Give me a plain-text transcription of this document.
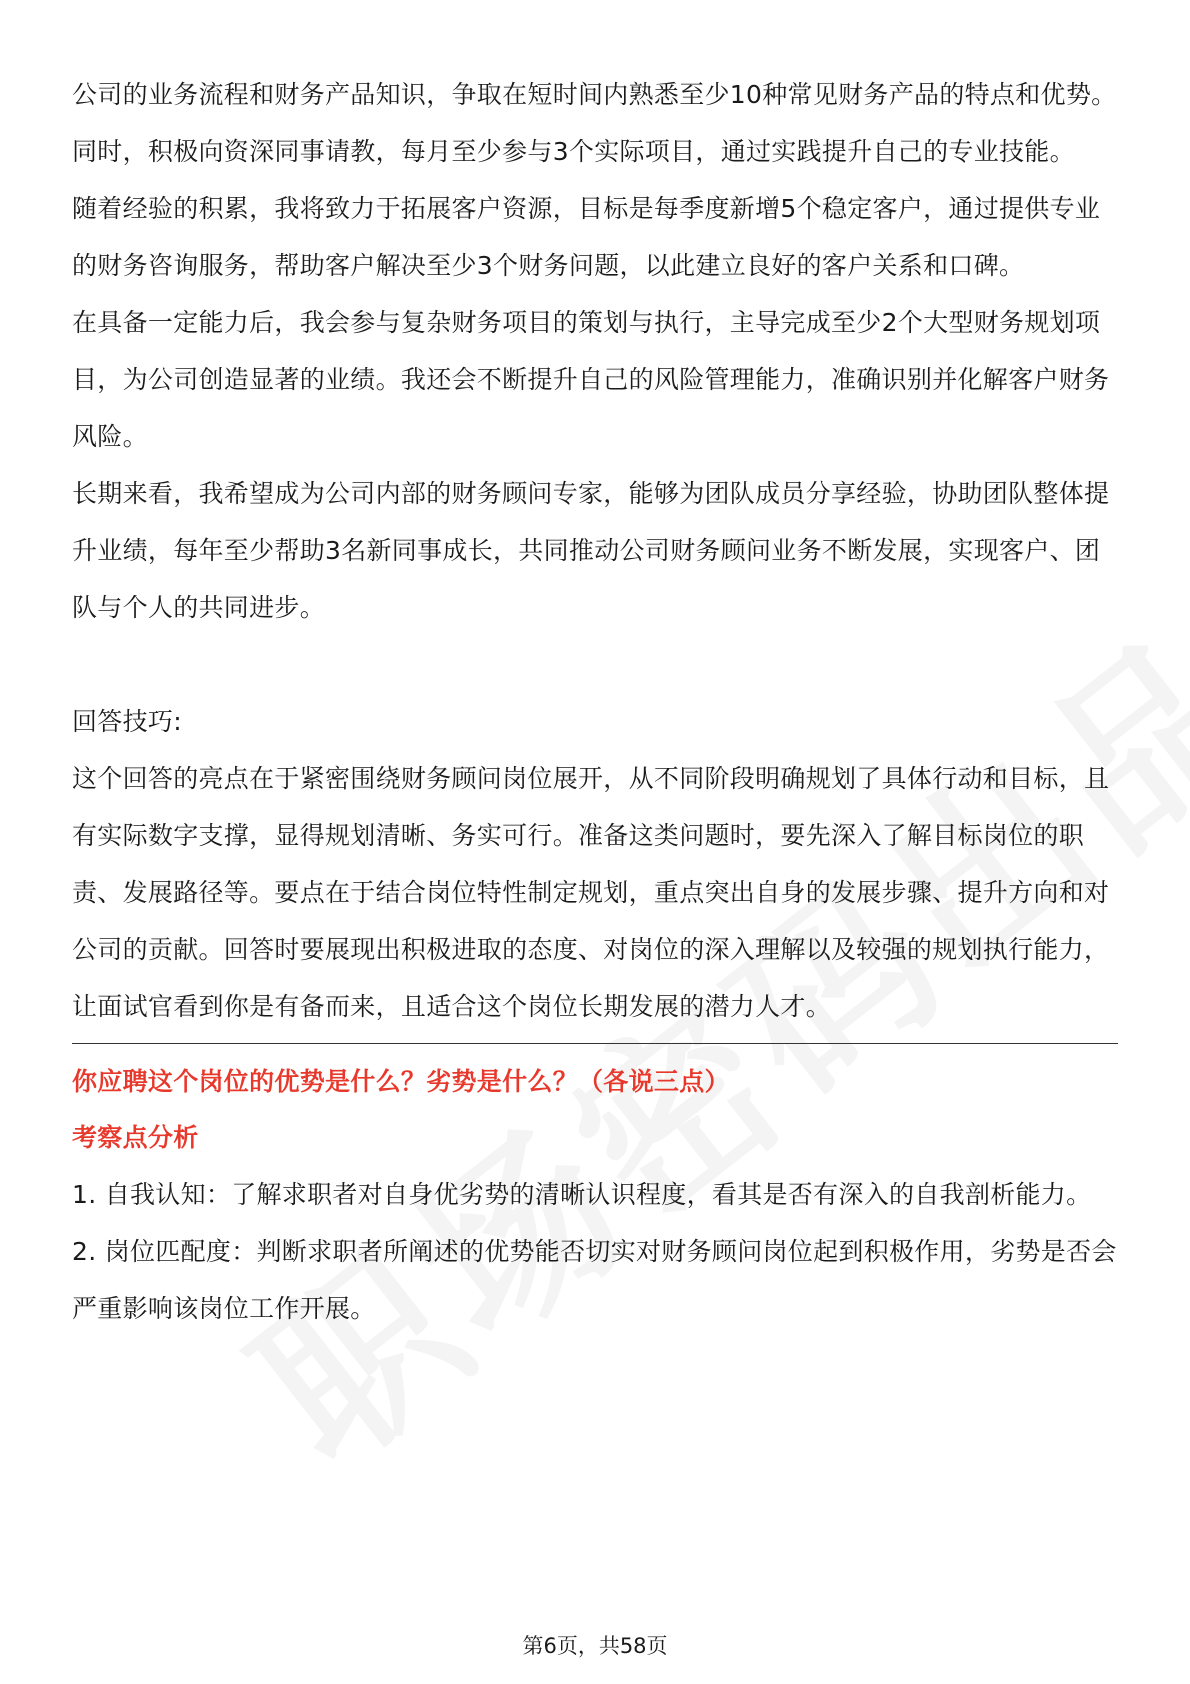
公司的业务流程和财务产品知识，争取在短时间内熟悉至少10种常见财务产品的特点和优势。同时，积极向资深同事请教，每月至少参与3个实际项目，通过实践提升自己的专业技能。

随着经验的积累，我将致力于拓展客户资源，目标是每季度新增5个稳定客户，通过提供专业的财务咨询服务，帮助客户解决至少3个财务问题，以此建立良好的客户关系和口碑。

在具备一定能力后，我会参与复杂财务项目的策划与执行，主导完成至少2个大型财务规划项目，为公司创造显著的业绩。我还会不断提升自己的风险管理能力，准确识别并化解客户财务风险。

长期来看，我希望成为公司内部的财务顾问专家，能够为团队成员分享经验，协助团队整体提升业绩，每年至少帮助3名新同事成长，共同推动公司财务顾问业务不断发展，实现客户、团队与个人的共同进步。

回答技巧:

这个回答的亮点在于紧密围绕财务顾问岗位展开，从不同阶段明确规划了具体行动和目标，且有实际数字支撑，显得规划清晰、务实可行。准备这类问题时，要先深入了解目标岗位的职责、发展路径等。要点在于结合岗位特性制定规划，重点突出自身的发展步骤、提升方向和对公司的贡献。回答时要展现出积极进取的态度、对岗位的深入理解以及较强的规划执行能力，让面试官看到你是有备而来，且适合这个岗位长期发展的潜力人才。

你应聘这个岗位的优势是什么？劣势是什么？（各说三点）

考察点分析

1. 自我认知：了解求职者对自身优劣势的清晰认识程度，看其是否有深入的自我剖析能力。

2. 岗位匹配度：判断求职者所阐述的优势能否切实对财务顾问岗位起到积极作用，劣势是否会严重影响该岗位工作开展。

第6页，共58页
